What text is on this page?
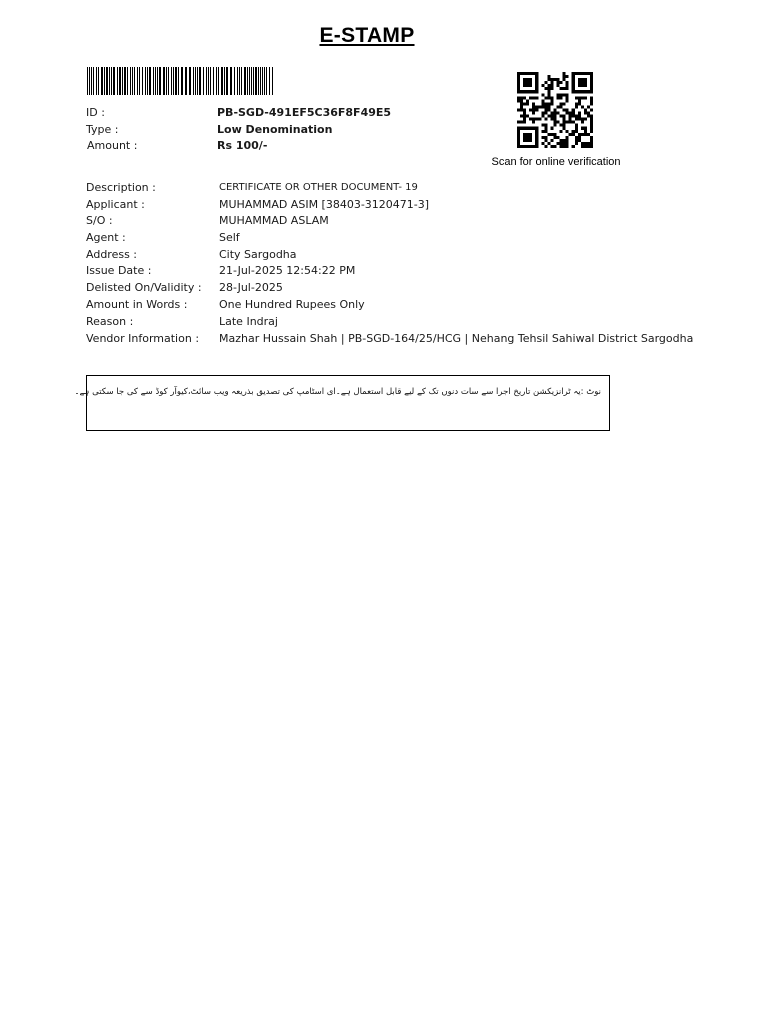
E-STAMP
Scan for online verification
ID :	PB-SGD-491EF5C36F8F49E5
Type :	Low Denomination
Amount :	Rs 100/-
Description :	CERTIFICATE OR OTHER DOCUMENT- 19
Applicant :	MUHAMMAD ASIM [38403-3120471-3]
S/O :	MUHAMMAD ASLAM
Agent :	Self
Address :	City Sargodha
Issue Date :	21-Jul-2025 12:54:22 PM
Delisted On/Validity : 28-Jul-2025
Amount in Words :	One Hundred Rupees Only
Reason :	Late Indraj
Vendor Information : Mazhar Hussain Shah | PB-SGD-164/25/HCG | Nehang Tehsil Sahiwal District Sargodha
نوٹ :یہ ٹرانزیکشن تاریخ اجرا سے سات دنوں تک کے لیے قابل استعمال ہے۔ای اسٹامپ کی تصدیق بذریعہ ویب سائٹ،کیوآر کوڈ سے کی جا سکتی ہے۔
